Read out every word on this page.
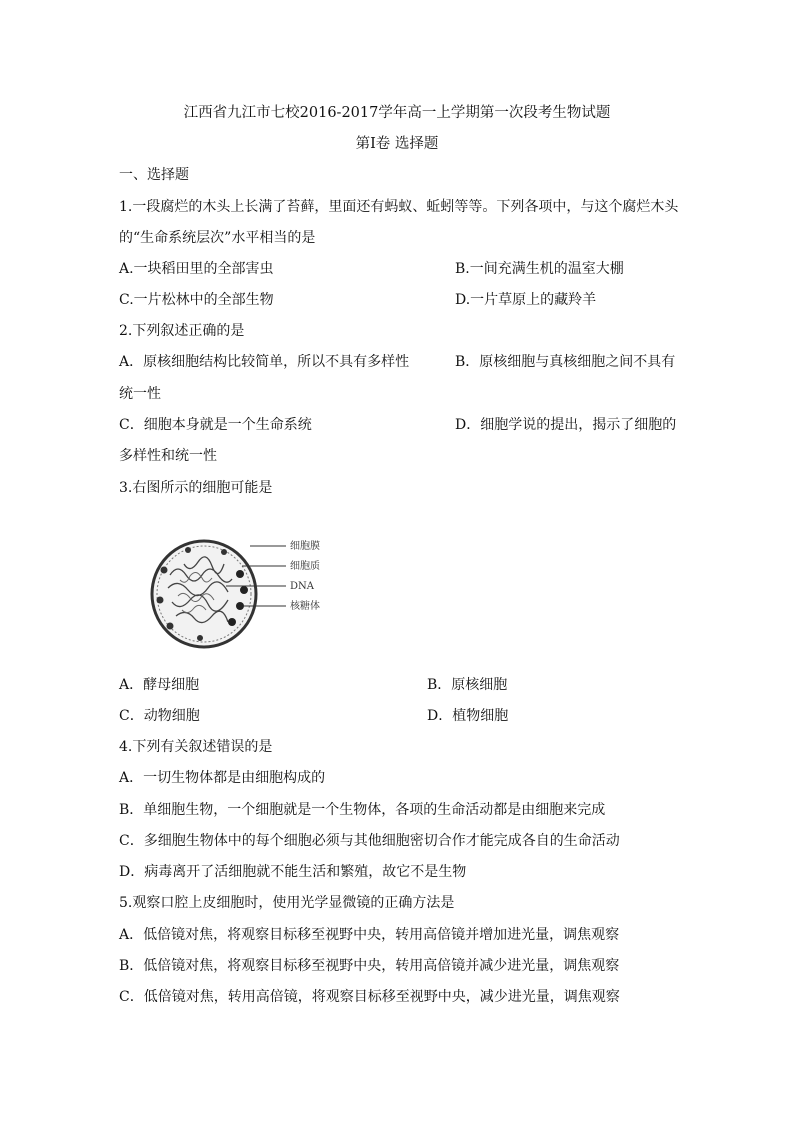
江西省九江市七校2016-2017学年高一上学期第一次段考生物试题
第Ⅰ卷 选择题
一、选择题
1.一段腐烂的木头上长满了苔藓，里面还有蚂蚁、蚯蚓等等。下列各项中，与这个腐烂木头
的“生命系统层次”水平相当的是
A.一块稻田里的全部害虫	B.一间充满生机的温室大棚
C.一片松林中的全部生物	D.一片草原上的藏羚羊
2.下列叙述正确的是
A．原核细胞结构比较简单，所以不具有多样性	B．原核细胞与真核细胞之间不具有
统一性
C．细胞本身就是一个生命系统	D．细胞学说的提出，揭示了细胞的
多样性和统一性
3.右图所示的细胞可能是
细胞膜
细胞质
DNA
核糖体
A．酵母细胞	B．原核细胞
C．动物细胞	D．植物细胞
4.下列有关叙述错误的是
A．一切生物体都是由细胞构成的
B．单细胞生物，一个细胞就是一个生物体，各项的生命活动都是由细胞来完成
C．多细胞生物体中的每个细胞必须与其他细胞密切合作才能完成各自的生命活动
D．病毒离开了活细胞就不能生活和繁殖，故它不是生物
5.观察口腔上皮细胞时，使用光学显微镜的正确方法是
A．低倍镜对焦，将观察目标移至视野中央，转用高倍镜并增加进光量，调焦观察
B．低倍镜对焦，将观察目标移至视野中央，转用高倍镜并减少进光量，调焦观察
C．低倍镜对焦，转用高倍镜，将观察目标移至视野中央，减少进光量，调焦观察
